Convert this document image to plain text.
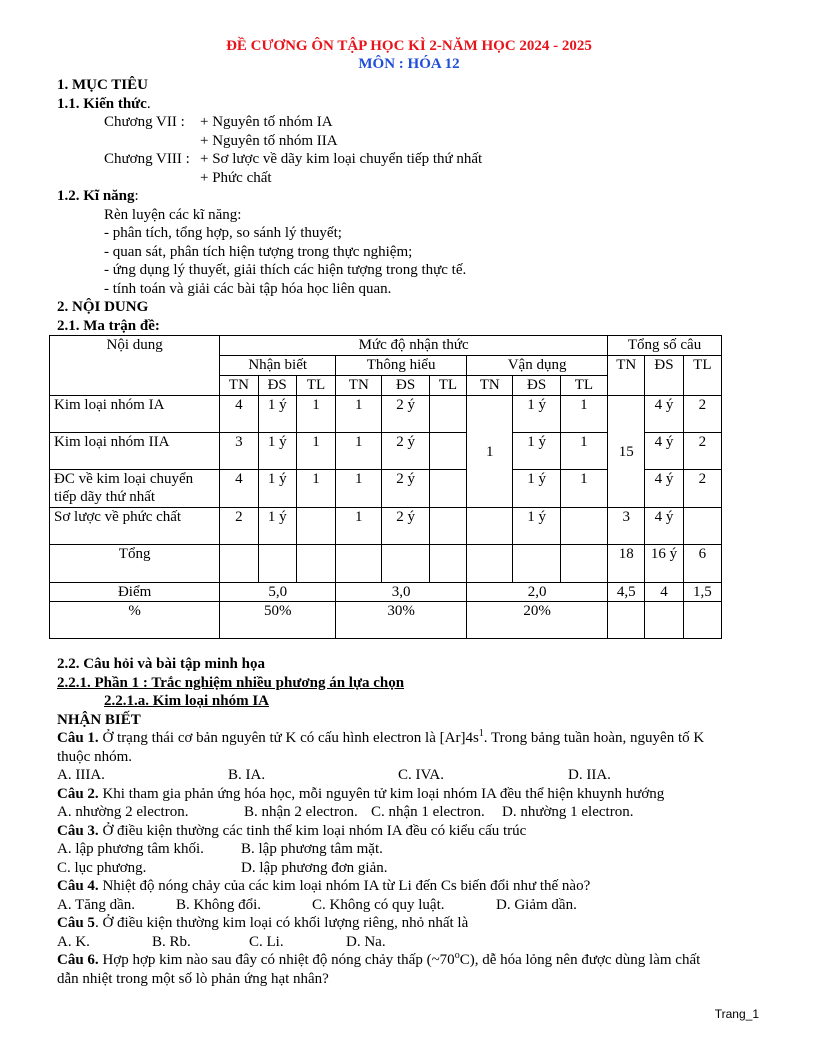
ĐỀ CƯƠNG ÔN TẬP HỌC KÌ 2-NĂM HỌC 2024 - 2025
MÔN : HÓA 12
1. MỤC TIÊU
1.1. Kiến thức.
Chương VII :	+ Nguyên tố nhóm IA
+ Nguyên tố nhóm IIA
Chương VIII : + Sơ lược về dãy kim loại chuyển tiếp thứ nhất
+ Phức chất
1.2. Kĩ năng:
Rèn luyện các kĩ năng:
- phân tích, tổng hợp, so sánh lý thuyết;
- quan sát, phân tích hiện tượng trong thực nghiệm;
- ứng dụng lý thuyết, giải thích các hiện tượng trong thực tế.
- tính toán và giải các bài tập hóa học liên quan.
2. NỘI DUNG
2.1. Ma trận đề:
Nội dung	Mức độ nhận thức									Tổng số câu		
	Nhận biết			Thông hiểu			Vận dụng			TN	ĐS	TL
	TN	ĐS	TL	TN	ĐS	TL	TN	ĐS	TL			
Kim loại nhóm IA	4	1 ý	1	1	2 ý		1	1 ý	1	15	4 ý	2
Kim loại nhóm IIA	3	1 ý	1	1	2 ý			1 ý	1		4 ý	2
ĐC về kim loại chuyển tiếp dãy thứ nhất	4	1 ý	1	1	2 ý			1 ý	1		4 ý	2
Sơ lược về phức chất	2	1 ý		1	2 ý			1 ý		3	4 ý	
Tổng										18	16 ý	6
Điểm	5,0			3,0			2,0			4,5	4	1,5
%	50%			30%			20%					
2.2. Câu hỏi và bài tập minh họa
2.2.1. Phần 1 : Trắc nghiệm nhiều phương án lựa chọn
2.2.1.a. Kim loại nhóm IA
NHẬN BIẾT
Câu 1. Ở trạng thái cơ bản nguyên tử K có cấu hình electron là $[Ar]4s^1$. Trong bảng tuần hoàn, nguyên tố K
thuộc nhóm.
A. IIIA.	B. IA.	C. IVA.	D. IIA.
Câu 2. Khi tham gia phản ứng hóa học, mỗi nguyên tử kim loại nhóm IA đều thể hiện khuynh hướng
A. nhường 2 electron.	B. nhận 2 electron. C. nhận 1 electron.	D. nhường 1 electron.
Câu 3. Ở điều kiện thường các tinh thể kim loại nhóm IA đều có kiểu cấu trúc
A. lập phương tâm khối.	B. lập phương tâm mặt.
C. lục phương.	D. lập phương đơn giản.
Câu 4. Nhiệt độ nóng chảy của các kim loại nhóm IA từ Li đến Cs biến đổi như thế nào?
A. Tăng dần.	B. Không đổi.	C. Không có quy luật.	D. Giảm dần.
Câu 5. Ở điều kiện thường kim loại có khối lượng riêng, nhỏ nhất là
A. K.	B. Rb.	C. Li.	D. Na.
Câu 6. Hợp hợp kim nào sau đây có nhiệt độ nóng chảy thấp (~70$^o$C), dễ hóa lỏng nên được dùng làm chất
dẫn nhiệt trong một số lò phản ứng hạt nhân?
Trang_1
